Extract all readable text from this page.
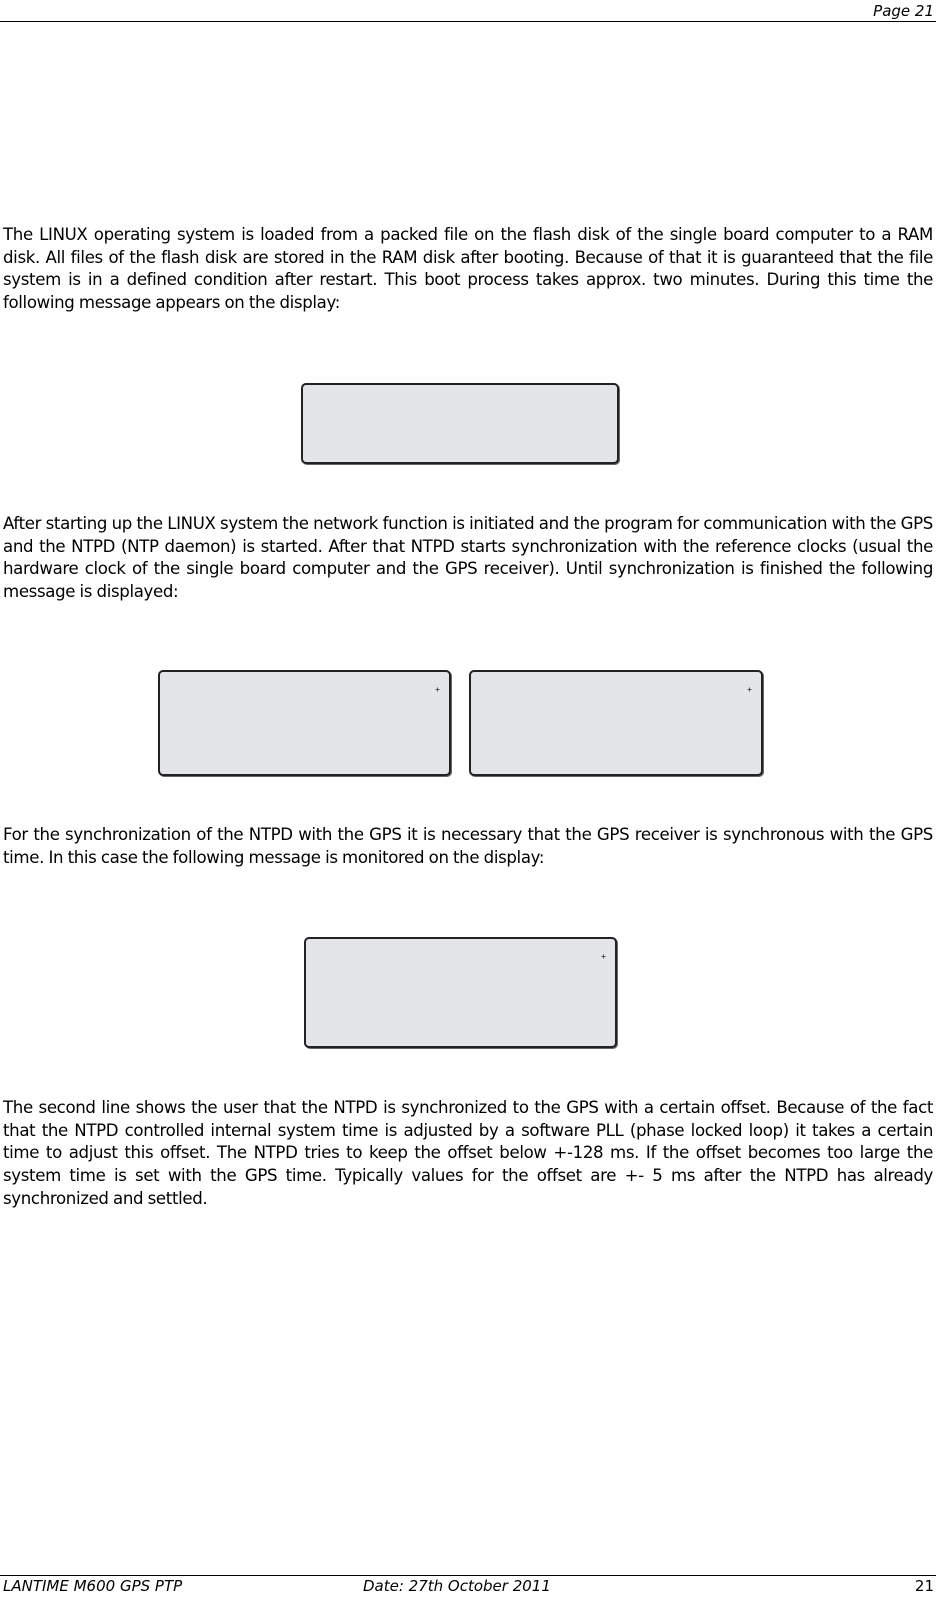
Page 21

The LINUX operating system is loaded from a packed file on the flash disk of the single board computer to a RAM disk. All files of the flash disk are stored in the RAM disk after booting. Because of that it is guaranteed that the file system is in a defined condition after restart. This boot process takes approx. two minutes. During this time the following message appears on the display:

After starting up the LINUX system the network function is initiated and the program for communication with the GPS and the NTPD (NTP daemon) is started. After that NTPD starts synchronization with the reference clocks (usual the hardware clock of the single board computer and the GPS receiver). Until synchronization is finished the following message is displayed:

+	+

For the synchronization of the NTPD with the GPS it is necessary that the GPS receiver is synchronous with the GPS time. In this case the following message is monitored on the display:

+

The second line shows the user that the NTPD is synchronized to the GPS with a certain offset. Because of the fact that the NTPD controlled internal system time is adjusted by a software PLL (phase locked loop) it takes a certain time to adjust this offset. The NTPD tries to keep the offset below +-128 ms. If the offset becomes too large the system time is set with the GPS time. Typically values for the offset are +- 5 ms after the NTPD has already synchronized and settled.

LANTIME M600 GPS PTP	Date: 27th October 2011	21
